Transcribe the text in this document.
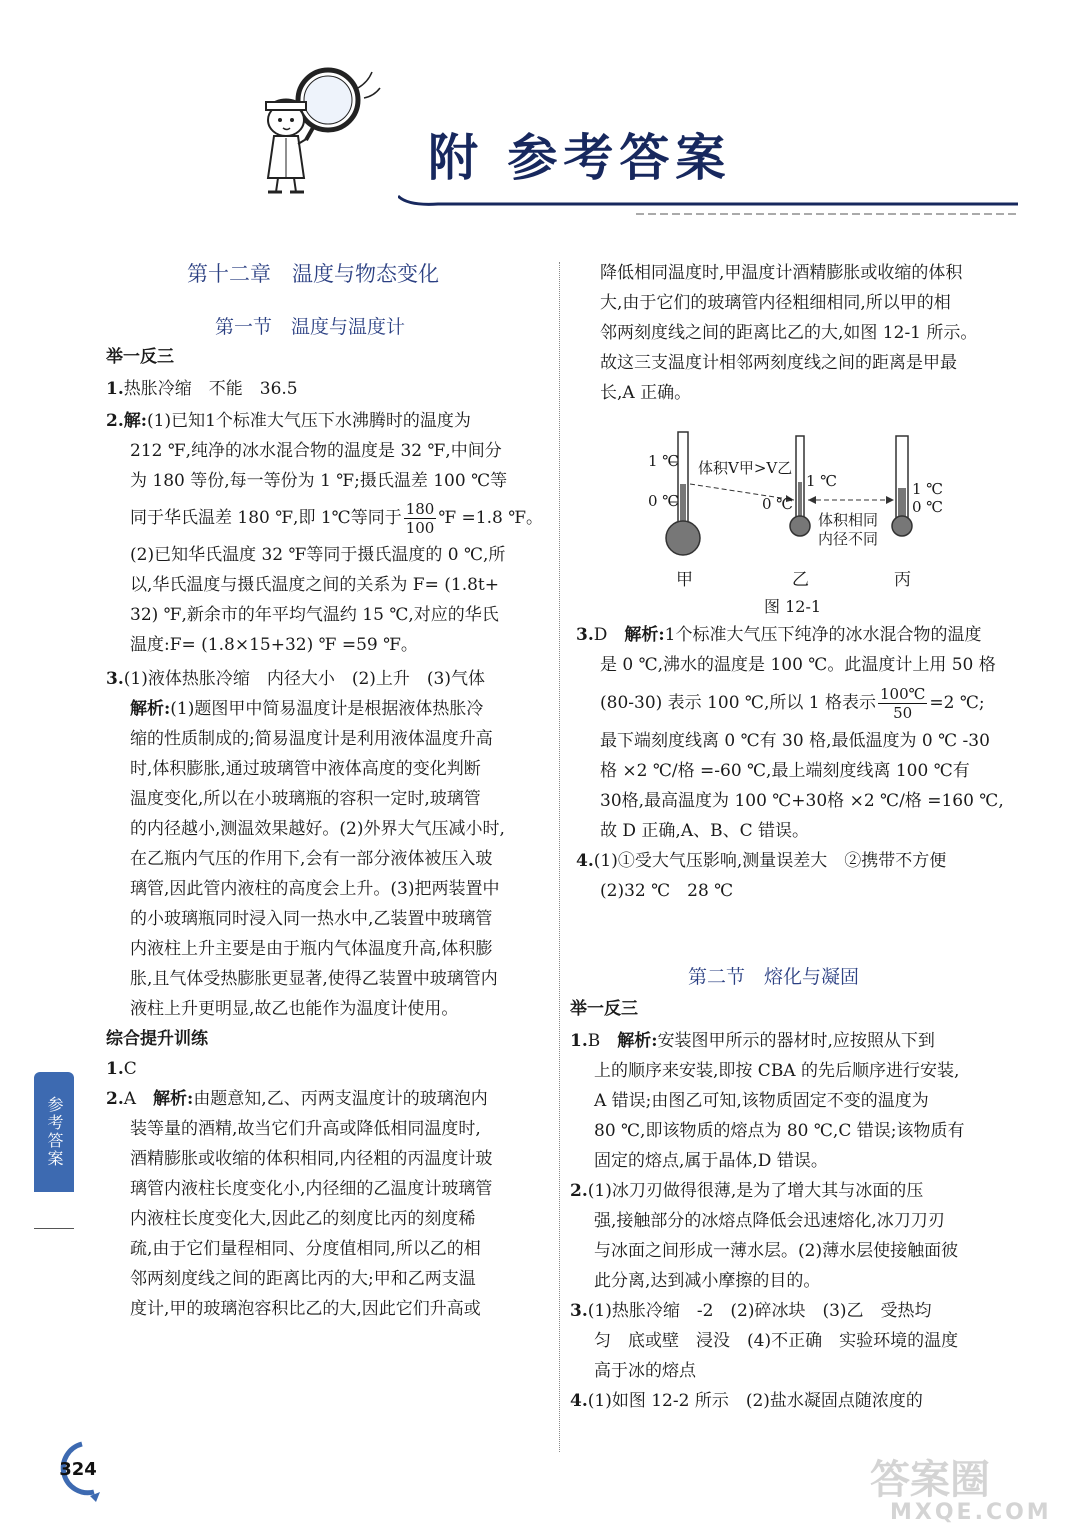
附 参考答案
第十二章　温度与物态变化
第一节　温度与温度计
举一反三

1.热胀冷缩　不能　36.5

2.解:(1)已知1个标准大气压下水沸腾时的温度为

212 ℉,纯净的冰水混合物的温度是 32 ℉,中间分

为 180 等份,每一等份为 1 ℉;摄氏温差 100 ℃等

同于华氏温差 180 ℉,即 1℃等同于 $\frac{180}{100}$ ℉ =1.8 ℉。

(2)已知华氏温度 32 ℉等同于摄氏温度的 0 ℃,所

以,华氏温度与摄氏温度之间的关系为 F= (1.8t+

32) ℉,新余市的年平均气温约 15 ℃,对应的华氏

温度:F= (1.8×15+32) ℉ =59 ℉。

3.(1)液体热胀冷缩　内径大小　(2)上升　(3)气体

解析:(1)题图甲中简易温度计是根据液体热胀冷

缩的性质制成的;简易温度计是利用液体温度升高

时,体积膨胀,通过玻璃管中液体高度的变化判断

温度变化,所以在小玻璃瓶的容积一定时,玻璃管

的内径越小,测温效果越好。(2)外界大气压减小时,

在乙瓶内气压的作用下,会有一部分液体被压入玻

璃管,因此管内液柱的高度会上升。(3)把两装置中

的小玻璃瓶同时浸入同一热水中,乙装置中玻璃管

内液柱上升主要是由于瓶内气体温度升高,体积膨

胀,且气体受热膨胀更显著,使得乙装置中玻璃管内

液柱上升更明显,故乙也能作为温度计使用。

综合提升训练

1.C

2.A　 解析:由题意知,乙、丙两支温度计的玻璃泡内

装等量的酒精,故当它们升高或降低相同温度时,

酒精膨胀或收缩的体积相同,内径粗的丙温度计玻

璃管内液柱长度变化小,内径细的乙温度计玻璃管

内液柱长度变化大,因此乙的刻度比丙的刻度稀

疏,由于它们量程相同、分度值相同,所以乙的相

邻两刻度线之间的距离比丙的大;甲和乙两支温

度计,甲的玻璃泡容积比乙的大,因此它们升高或

降低相同温度时,甲温度计酒精膨胀或收缩的体积

大,由于它们的玻璃管内径粗细相同,所以甲的相

邻两刻度线之间的距离比乙的大,如图 12-1 所示。

故这三支温度计相邻两刻度线之间的距离是甲最

长,A 正确。

1 ℃
0 ℃
体积V甲>V乙
1 ℃
0 ℃
1 ℃
0 ℃
体积相同
内径不同
甲	乙	丙
图 12-1

3.D　 解析:1个标准大气压下纯净的冰水混合物的温度

是 0 ℃,沸水的温度是 100 ℃。此温度计上用 50 格

(80-30) 表示 100 ℃,所以 1 格表示 $\frac{100℃}{50} =2$ ℃;

最下端刻度线离 0 ℃有 30 格,最低温度为 0 ℃ -30

格 ×2 ℃/格 =-60 ℃,最上端刻度线离 100 ℃有

30格,最高温度为 100 ℃+30格 ×2 ℃/格 =160 ℃,

故 D 正确,A、B、C 错误。

4.(1)①受大气压影响,测量误差大　②携带不方便

(2)32 ℃　28 ℃

第二节　熔化与凝固
举一反三

1.B　 解析:安装图甲所示的器材时,应按照从下到

上的顺序来安装,即按 CBA 的先后顺序进行安装,

A 错误;由图乙可知,该物质固定不变的温度为

80 ℃,即该物质的熔点为 80 ℃,C 错误;该物质有

固定的熔点,属于晶体,D 错误。

2.(1)冰刀刃做得很薄,是为了增大其与冰面的压

强,接触部分的冰熔点降低会迅速熔化,冰刀刀刃

与冰面之间形成一薄水层。(2)薄水层使接触面彼

此分离,达到减小摩擦的目的。

3.(1)热胀冷缩　-2　(2)碎冰块　(3)乙　受热均

匀　底或壁　浸没　(4)不正确　实验环境的温度

高于冰的熔点

4.(1)如图 12-2 所示　(2)盐水凝固点随浓度的

参考答案
324	答案圈
MXQE.COM
